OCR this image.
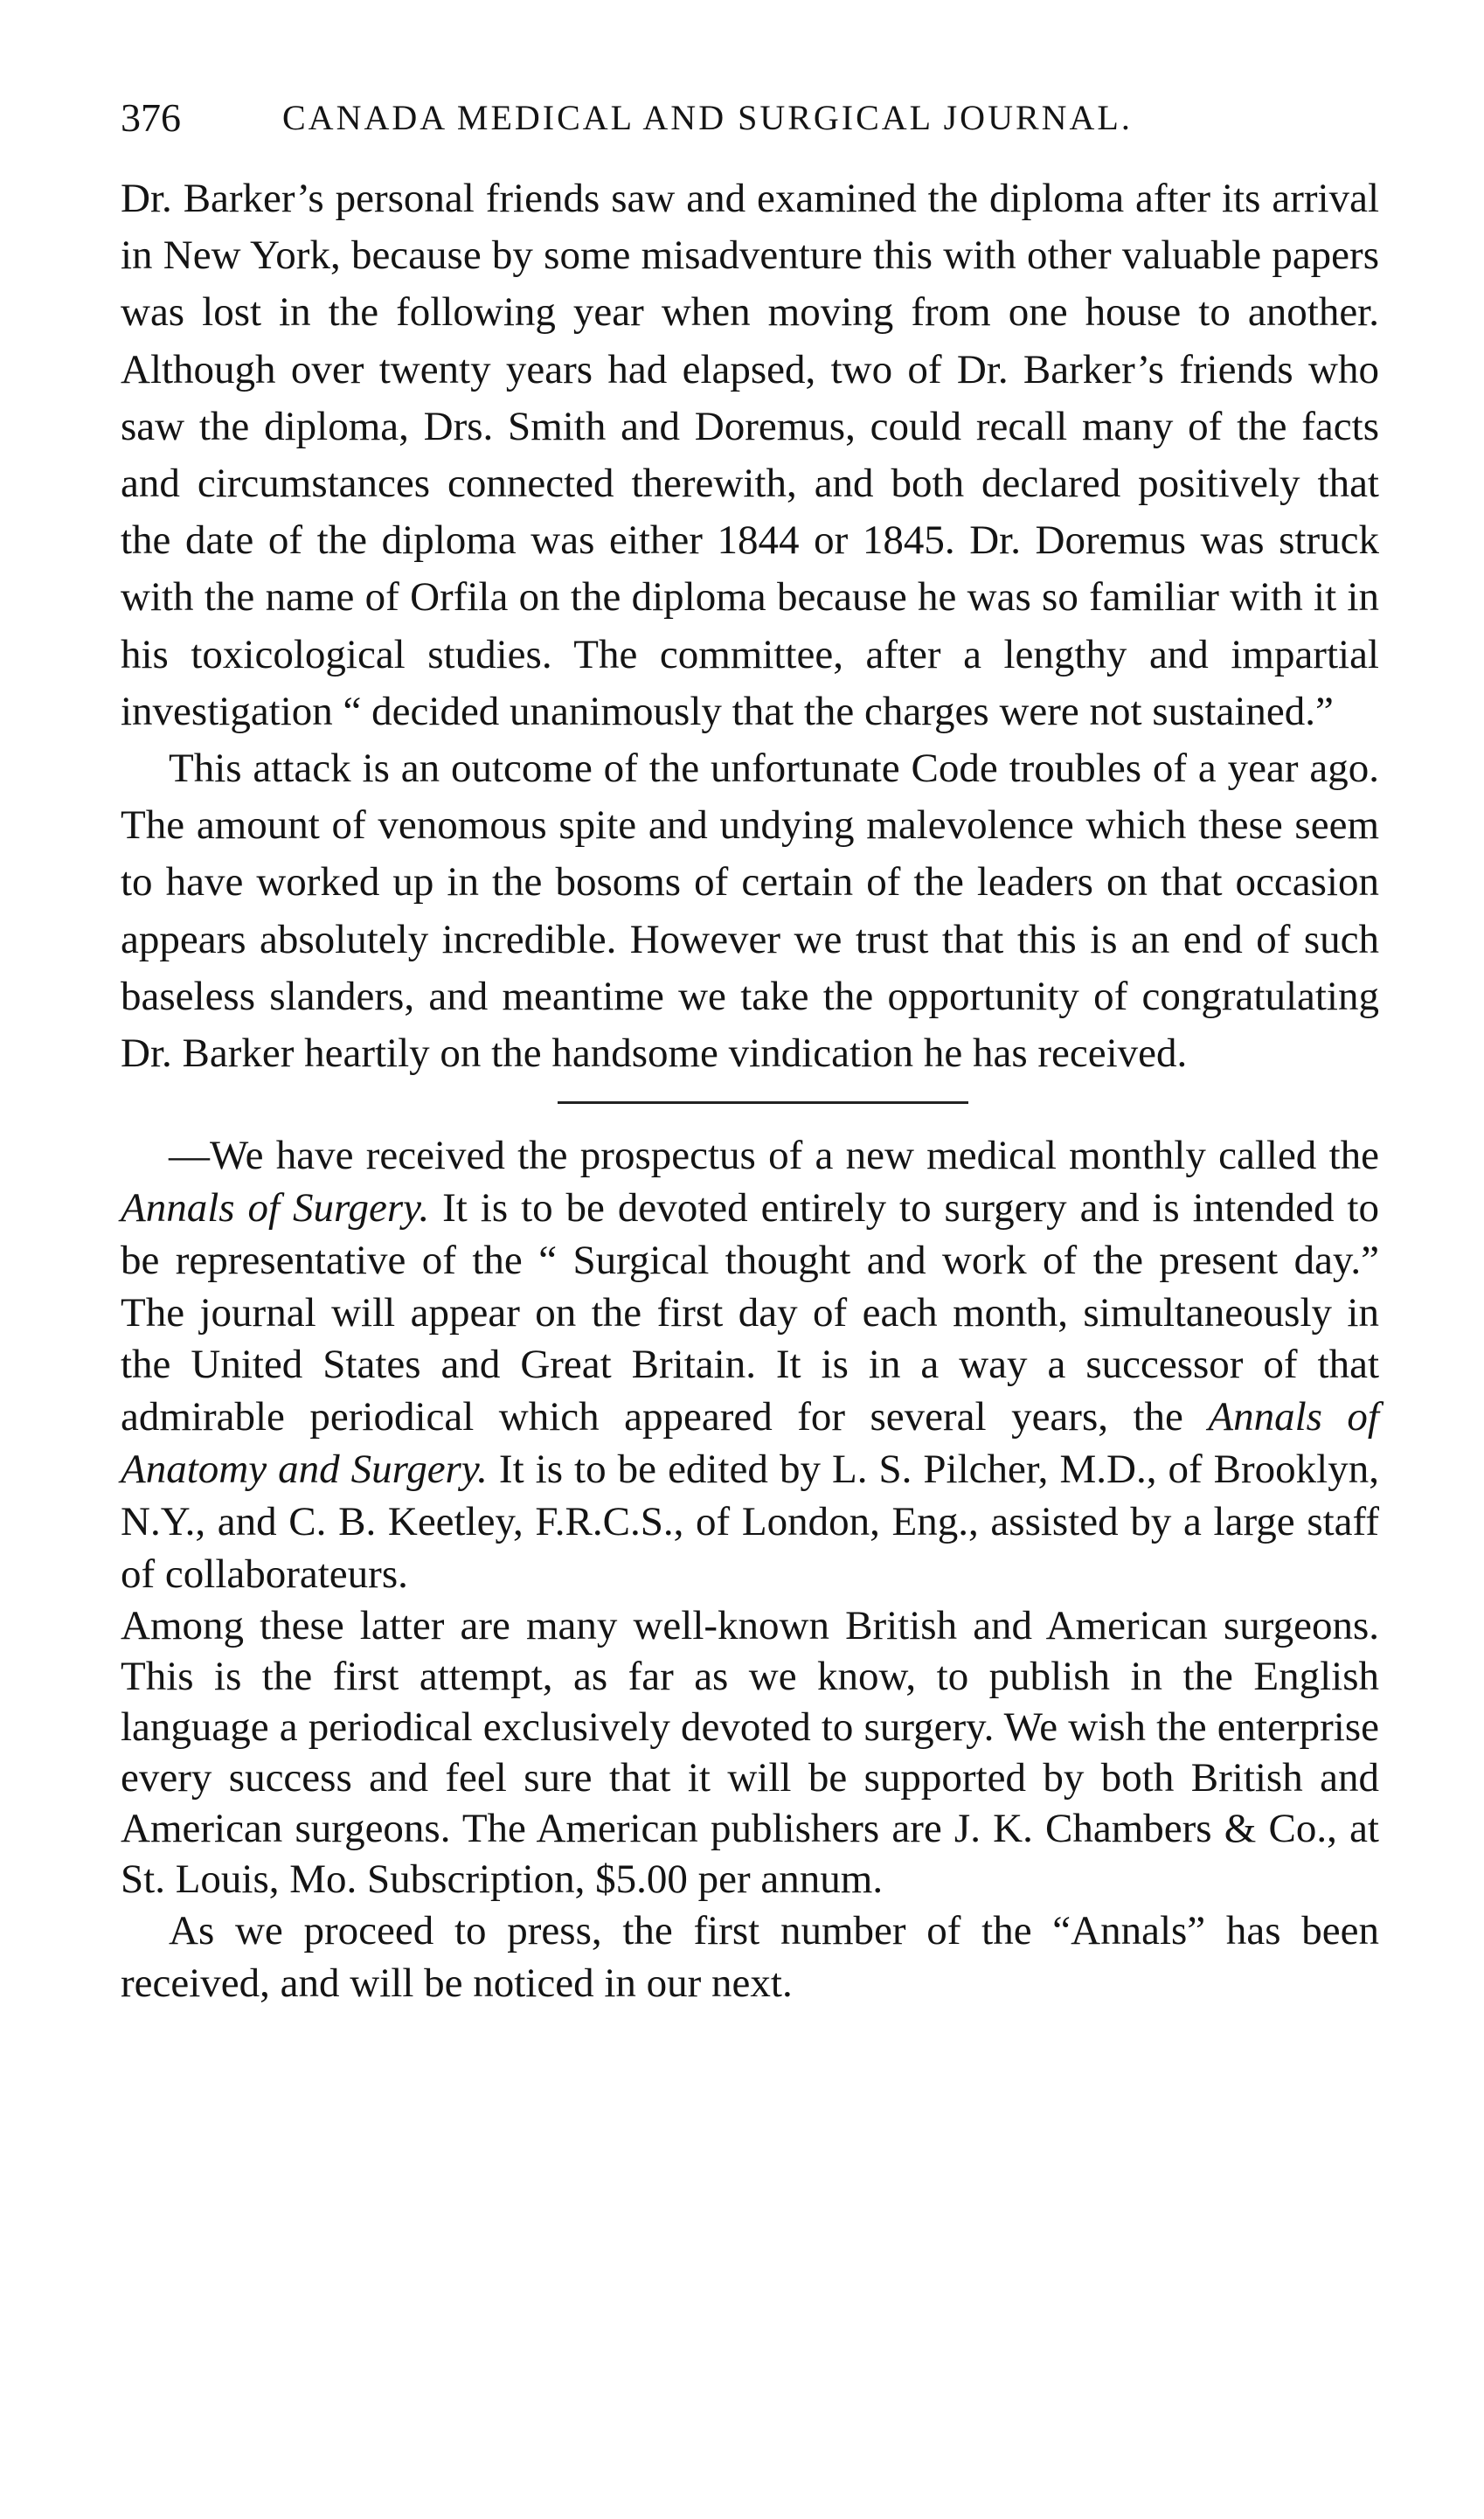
376	CANADA MEDICAL AND SURGICAL JOURNAL.

Dr. Barker’s personal friends saw and examined the diploma after its arrival in New York, because by some misadventure this with other valuable papers was lost in the following year when moving from one house to another. Although over twenty years had elapsed, two of Dr. Barker’s friends who saw the diploma, Drs. Smith and Doremus, could recall many of the facts and circumstances connected therewith, and both declared positively that the date of the diploma was either 1844 or 1845. Dr. Doremus was struck with the name of Orfila on the diploma because he was so familiar with it in his toxicological studies. The committee, after a lengthy and impartial investigation “ decided unanimously that the charges were not sustained.”

This attack is an outcome of the unfortunate Code troubles of a year ago. The amount of venomous spite and undying malevolence which these seem to have worked up in the bosoms of certain of the leaders on that occasion appears absolutely incredible. However we trust that this is an end of such baseless slanders, and meantime we take the opportunity of congratulating Dr. Barker heartily on the handsome vindication he has received.

—We have received the prospectus of a new medical monthly called the Annals of Surgery. It is to be devoted entirely to surgery and is intended to be representative of the “ Surgical thought and work of the present day.” The journal will appear on the first day of each month, simultaneously in the United States and Great Britain. It is in a way a successor of that admirable periodical which appeared for several years, the Annals of Anatomy and Surgery. It is to be edited by L. S. Pilcher, M.D., of Brooklyn, N.Y., and C. B. Keetley, F.R.C.S., of London, Eng., assisted by a large staff of collaborateurs.

Among these latter are many well-known British and American surgeons. This is the first attempt, as far as we know, to publish in the English language a periodical exclusively devoted to surgery. We wish the enterprise every success and feel sure that it will be supported by both British and American surgeons. The American publishers are J. K. Chambers & Co., at St. Louis, Mo. Subscription, $5.00 per annum.

As we proceed to press, the first number of the “Annals” has been received, and will be noticed in our next.
